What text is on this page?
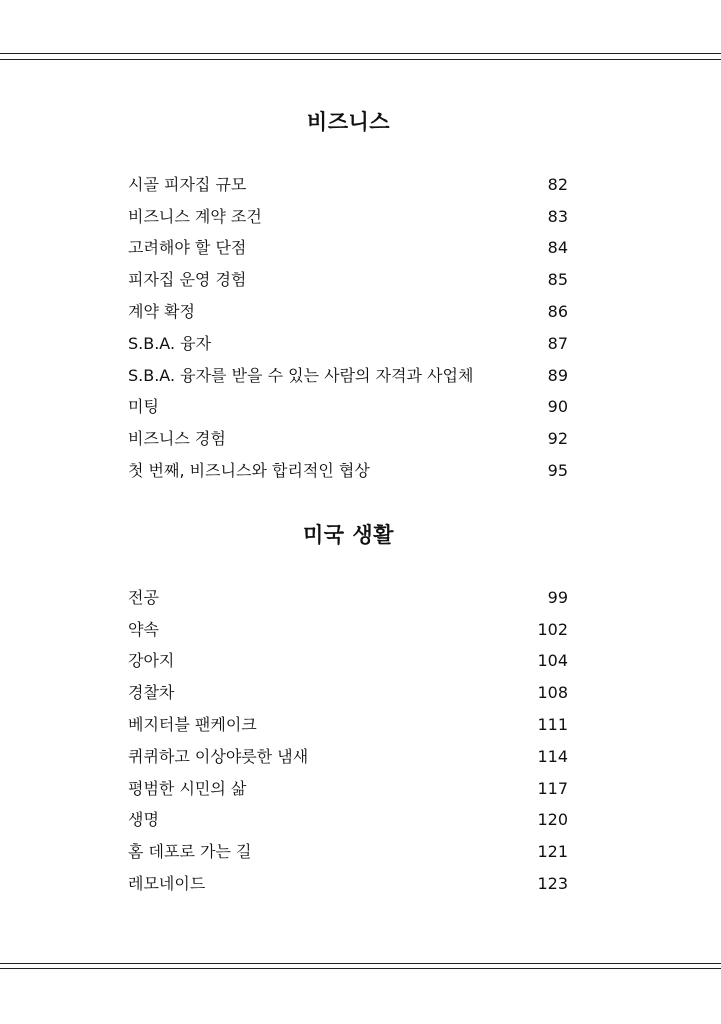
비즈니스
시골 피자집 규모	82
비즈니스 계약 조건	83
고려해야 할 단점	84
피자집 운영 경험	85
계약 확정	86
S.B.A. 융자	87
S.B.A. 융자를 받을 수 있는 사람의 자격과 사업체	89
미팅	90
비즈니스 경험	92
첫 번째, 비즈니스와 합리적인 협상	95
미국 생활
전공	99
약속	102
강아지	104
경찰차	108
베지터블 팬케이크	111
퀴퀴하고 이상야릇한 냄새	114
평범한 시민의 삶	117
생명	120
홈 데포로 가는 길	121
레모네이드	123
